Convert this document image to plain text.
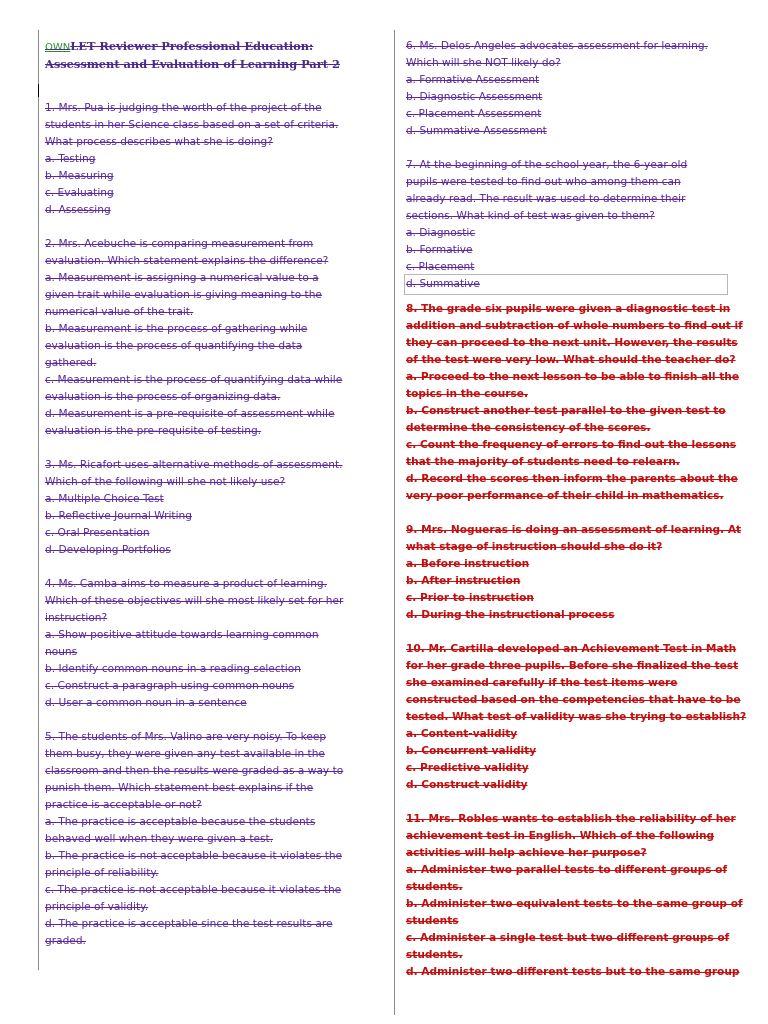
OWNLET Reviewer Professional Education:
Assessment and Evaluation of Learning Part 2
1. Mrs. Pua is judging the worth of the project of the
students in her Science class based on a set of criteria.
What process describes what she is doing?
a. Testing
b. Measuring
c. Evaluating
d. Assessing
2. Mrs. Acebuche is comparing measurement from
evaluation. Which statement explains the difference?
a. Measurement is assigning a numerical value to a
given trait while evaluation is giving meaning to the
numerical value of the trait.
b. Measurement is the process of gathering while
evaluation is the process of quantifying the data
gathered.
c. Measurement is the process of quantifying data while
evaluation is the process of organizing data.
d. Measurement is a pre-requisite of assessment while
evaluation is the pre-requisite of testing.
3. Ms. Ricafort uses alternative methods of assessment.
Which of the following will she not likely use?
a. Multiple Choice Test
b. Reflective Journal Writing
c. Oral Presentation
d. Developing Portfolios
4. Ms. Camba aims to measure a product of learning.
Which of these objectives will she most likely set for her
instruction?
a. Show positive attitude towards learning common
nouns
b. Identify common nouns in a reading selection
c. Construct a paragraph using common nouns
d. User a common noun in a sentence
5. The students of Mrs. Valino are very noisy. To keep
them busy, they were given any test available in the
classroom and then the results were graded as a way to
punish them. Which statement best explains if the
practice is acceptable or not?
a. The practice is acceptable because the students
behaved well when they were given a test.
b. The practice is not acceptable because it violates the
principle of reliability.
c. The practice is not acceptable because it violates the
principle of validity.
d. The practice is acceptable since the test results are
graded.
6. Ms. Delos Angeles advocates assessment for learning.
Which will she NOT likely do?
a. Formative Assessment
b. Diagnostic Assessment
c. Placement Assessment
d. Summative Assessment
7. At the beginning of the school year, the 6-year old
pupils were tested to find out who among them can
already read. The result was used to determine their
sections. What kind of test was given to them?
a. Diagnostic
b. Formative
c. Placement
d. Summative
8. The grade six pupils were given a diagnostic test in
addition and subtraction of whole numbers to find out if
they can proceed to the next unit. However, the results
of the test were very low. What should the teacher do?
a. Proceed to the next lesson to be able to finish all the
topics in the course.
b. Construct another test parallel to the given test to
determine the consistency of the scores.
c. Count the frequency of errors to find out the lessons
that the majority of students need to relearn.
d. Record the scores then inform the parents about the
very poor performance of their child in mathematics.
9. Mrs. Nogueras is doing an assessment of learning. At
what stage of instruction should she do it?
a. Before instruction
b. After instruction
c. Prior to instruction
d. During the instructional process
10. Mr. Cartilla developed an Achievement Test in Math
for her grade three pupils. Before she finalized the test
she examined carefully if the test items were
constructed based on the competencies that have to be
tested. What test of validity was she trying to establish?
a. Content-validity
b. Concurrent validity
c. Predictive validity
d. Construct validity
11. Mrs. Robles wants to establish the reliability of her
achievement test in English. Which of the following
activities will help achieve her purpose?
a. Administer two parallel tests to different groups of
students.
b. Administer two equivalent tests to the same group of
students
c. Administer a single test but two different groups of
students.
d. Administer two different tests but to the same group
